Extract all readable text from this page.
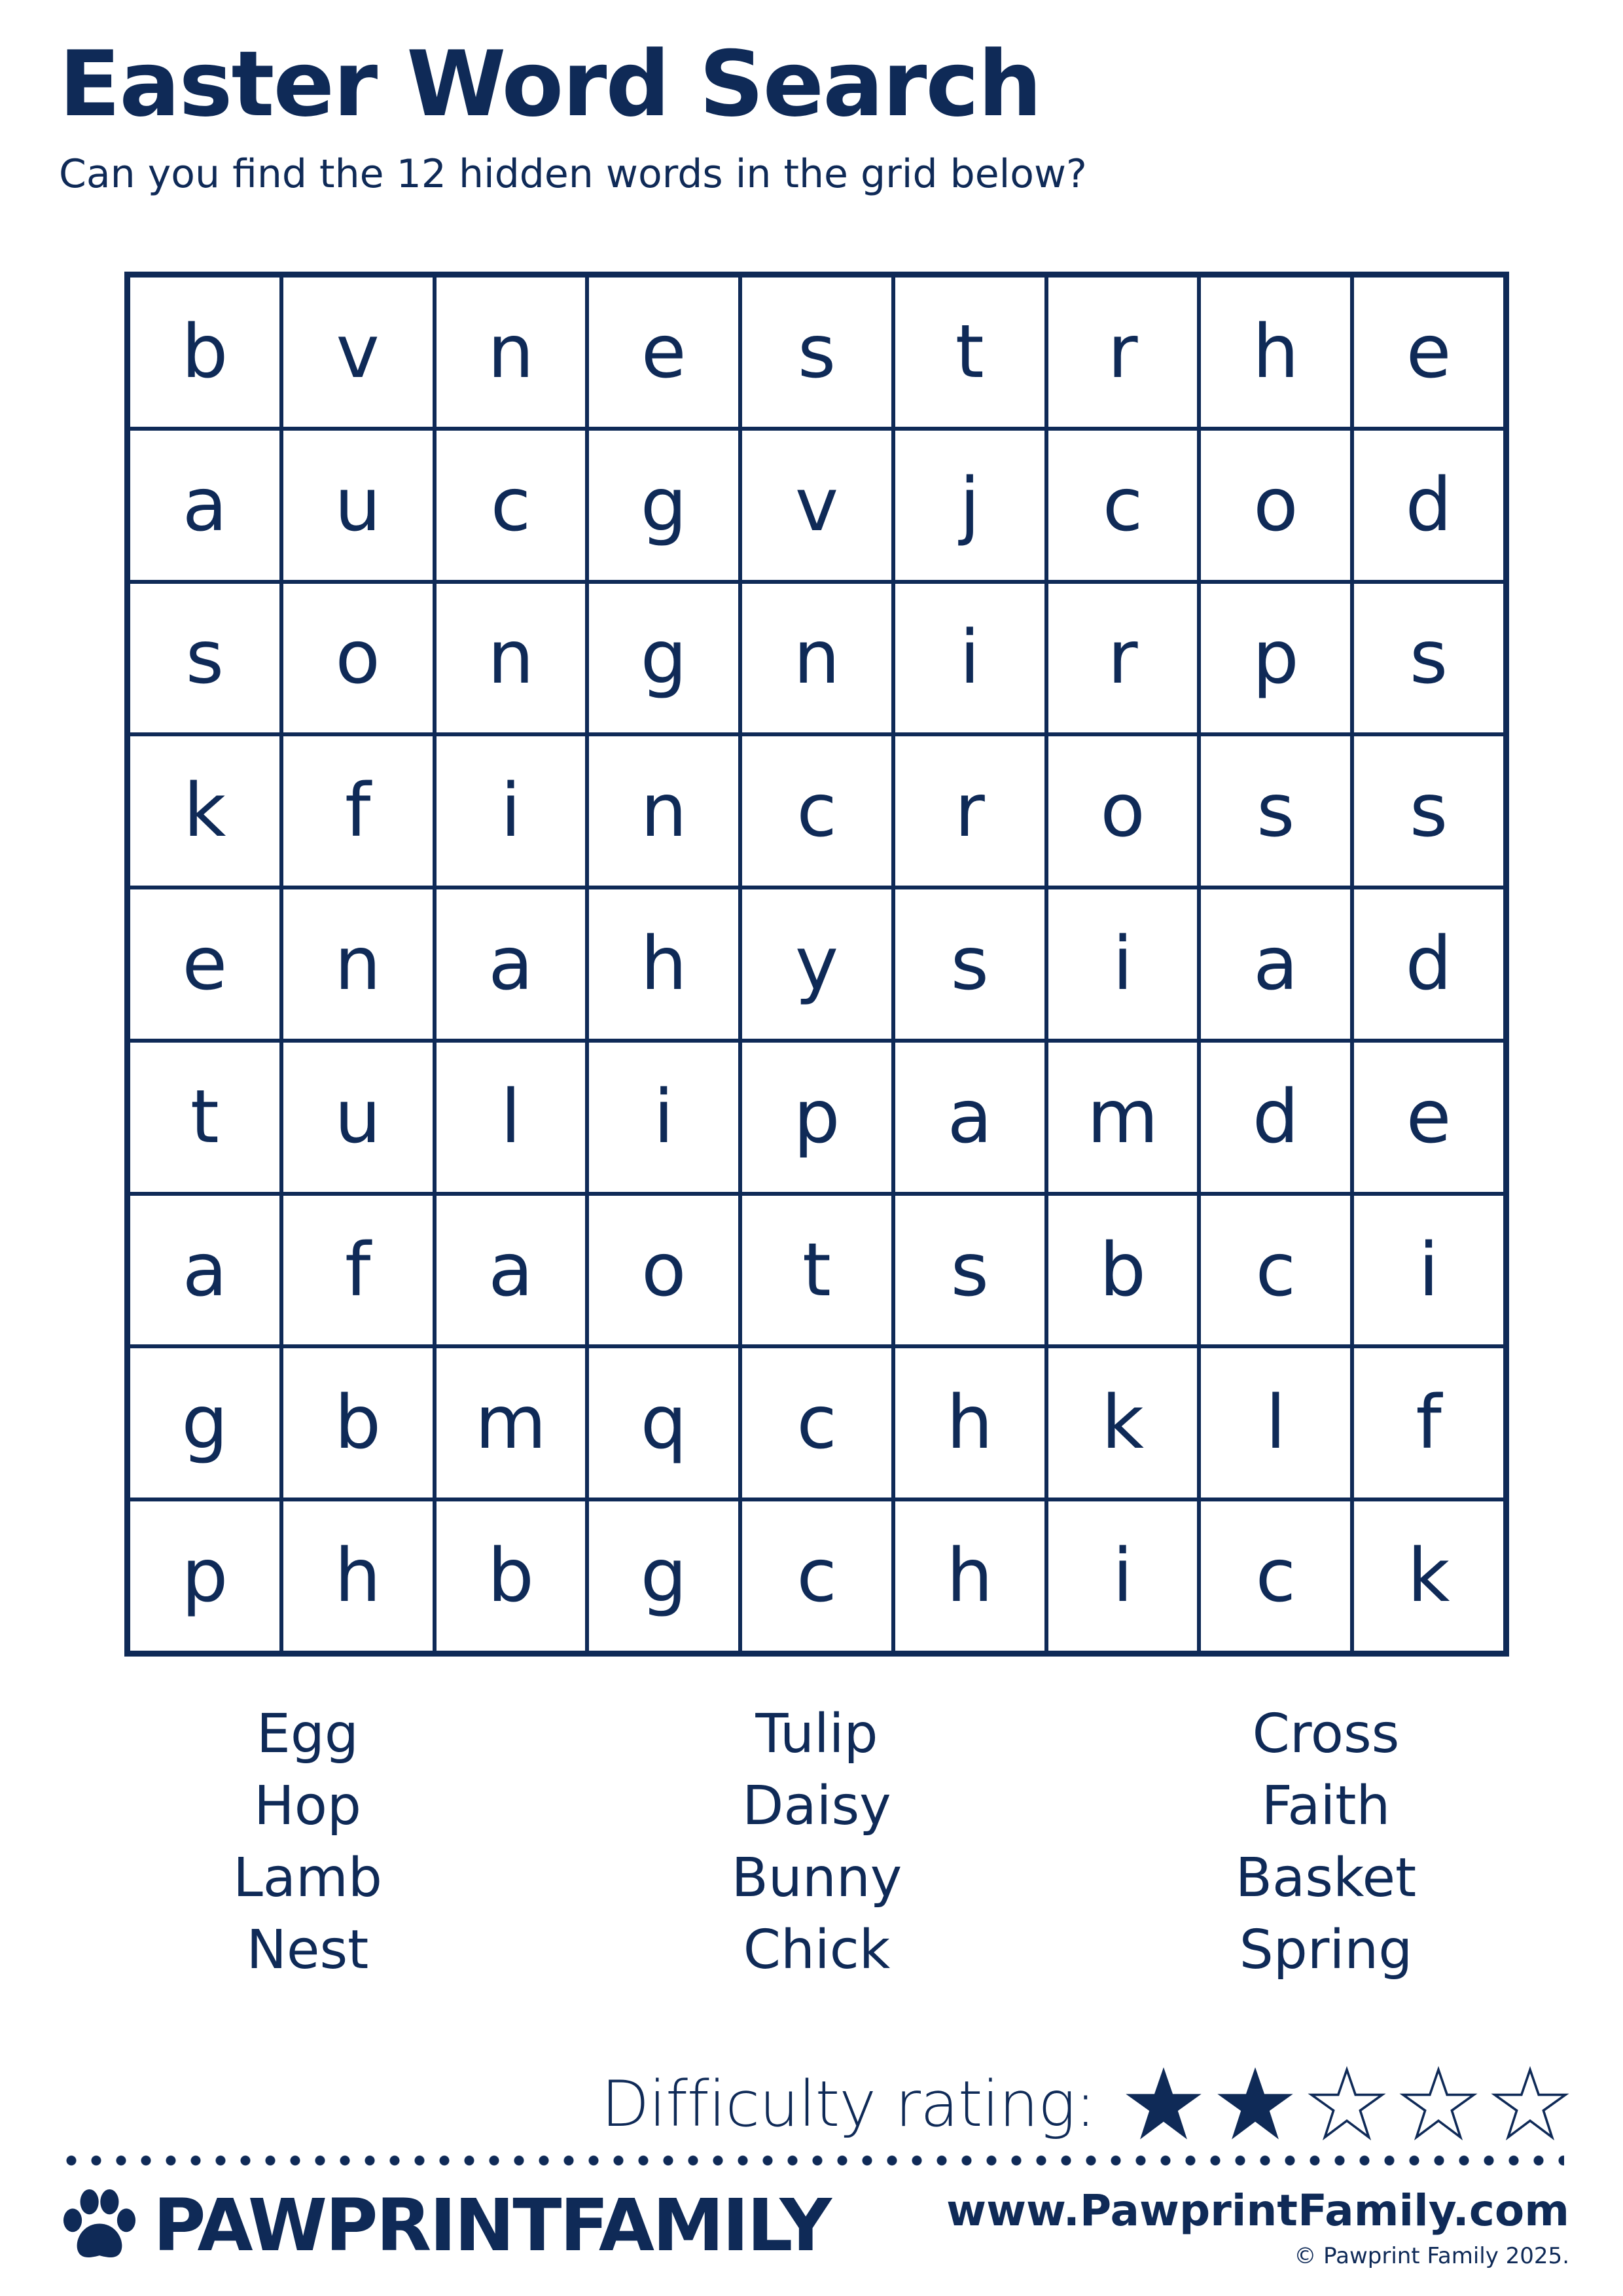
Easter Word Search
Can you find the 12 hidden words in the grid below?
b	v	n	e	s	t	r	h	e
a	u	c	g	v	j	c	o	d
s	o	n	g	n	i	r	p	s
k	f	i	n	c	r	o	s	s
e	n	a	h	y	s	i	a	d
t	u	l	i	p	a	m	d	e
a	f	a	o	t	s	b	c	i
g	b	m	q	c	h	k	l	f
p	h	b	g	c	h	i	c	k
Egg
Hop
Lamb
Nest
Tulip
Daisy
Bunny
Chick
Cross
Faith
Basket
Spring
Difficulty rating:
PAWPRINTFAMILY	www.PawprintFamily.com
© Pawprint Family 2025.
